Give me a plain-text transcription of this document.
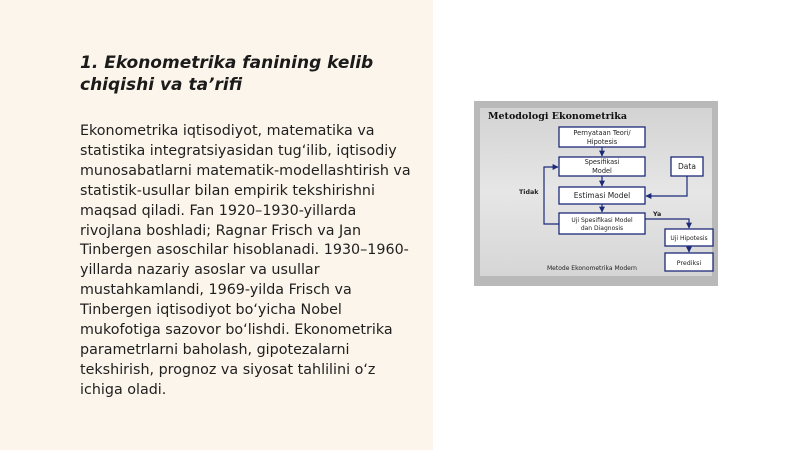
1. Ekonometrika fanining kelib chiqishi va ta’rifi

Ekonometrika iqtisodiyot, matematika va statistika integratsiyasidan tug‘ilib, iqtisodiy munosabatlarni matematik-modellashtirish va statistik-usullar bilan empirik tekshirishni maqsad qiladi. Fan 1920–1930-yillarda rivojlana boshladi; Ragnar Frisch va Jan Tinbergen asoschilar hisoblanadi. 1930–1960-yillarda nazariy asoslar va usullar mustahkamlandi, 1969-yilda Frisch va Tinbergen iqtisodiyot bo‘yicha Nobel mukofotiga sazovor bo‘lishdi. Ekonometrika parametrlarni baholash, gipotezalarni tekshirish, prognoz va siyosat tahlilini o‘z ichiga oladi.

Metodologi Ekonometrika
Pernyataan Teori/
Hipotesis
Spesifikasi
Model	Data
Estimasi Model
Uji Spesifikasi Model
dan Diagnosis
Uji Hipotesis
Prediksi
Tidak
Ya
Metode Ekonometrika Modern
